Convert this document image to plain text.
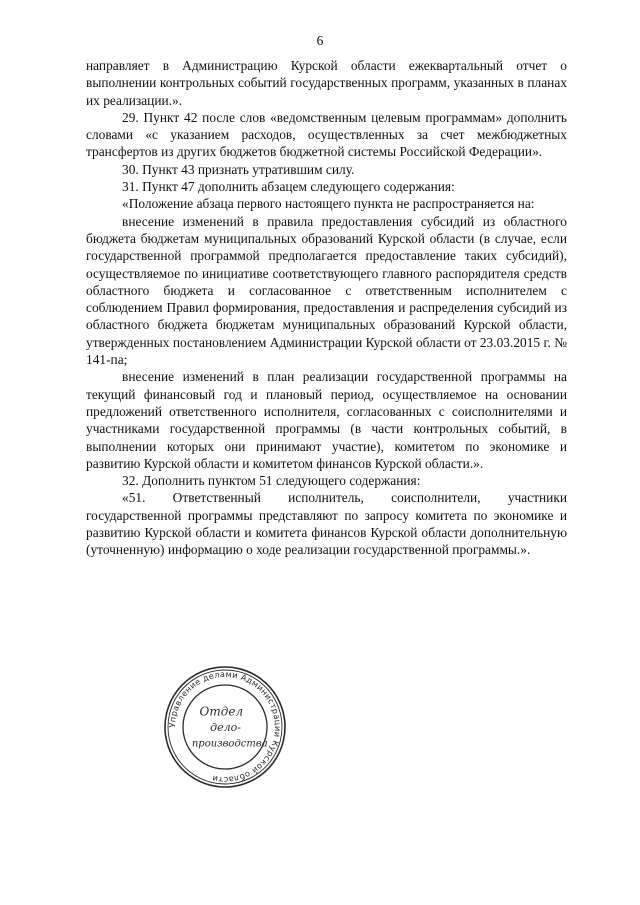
6

направляет в Администрацию Курской области ежеквартальный отчет о выполнении контрольных событий государственных программ, указанных в планах их реализации.».

29. Пункт 42 после слов «ведомственным целевым программам» дополнить словами «с указанием расходов, осуществленных за счет межбюджетных трансфертов из других бюджетов бюджетной системы Российской Федерации».

30. Пункт 43 признать утратившим силу.

31. Пункт 47 дополнить абзацем следующего содержания:

«Положение абзаца первого настоящего пункта не распространяется на:

внесение изменений в правила предоставления субсидий из областного бюджета бюджетам муниципальных образований Курской области (в случае, если государственной программой предполагается предоставление таких субсидий), осуществляемое по инициативе соответствующего главного распорядителя средств областного бюджета и согласованное с ответственным исполнителем с соблюдением Правил формирования, предоставления и распределения субсидий из областного бюджета бюджетам муниципальных образований Курской области, утвержденных постановлением Администрации Курской области от 23.03.2015 г. № 141-па;

внесение изменений в план реализации государственной программы на текущий финансовый год и плановый период, осуществляемое на основании предложений ответственного исполнителя, согласованных с соисполнителями и участниками государственной программы (в части контрольных событий, в выполнении которых они принимают участие), комитетом по экономике и развитию Курской области и комитетом финансов Курской области.».

32. Дополнить пунктом 51 следующего содержания:

«51. Ответственный исполнитель, соисполнители, участники государственной программы представляют по запросу комитета по экономике и развитию Курской области и комитета финансов Курской области дополнительную (уточненную) информацию о ходе реализации государственной программы.».

Управление делами Администрации Курской области
Отдел
дело-
производства
